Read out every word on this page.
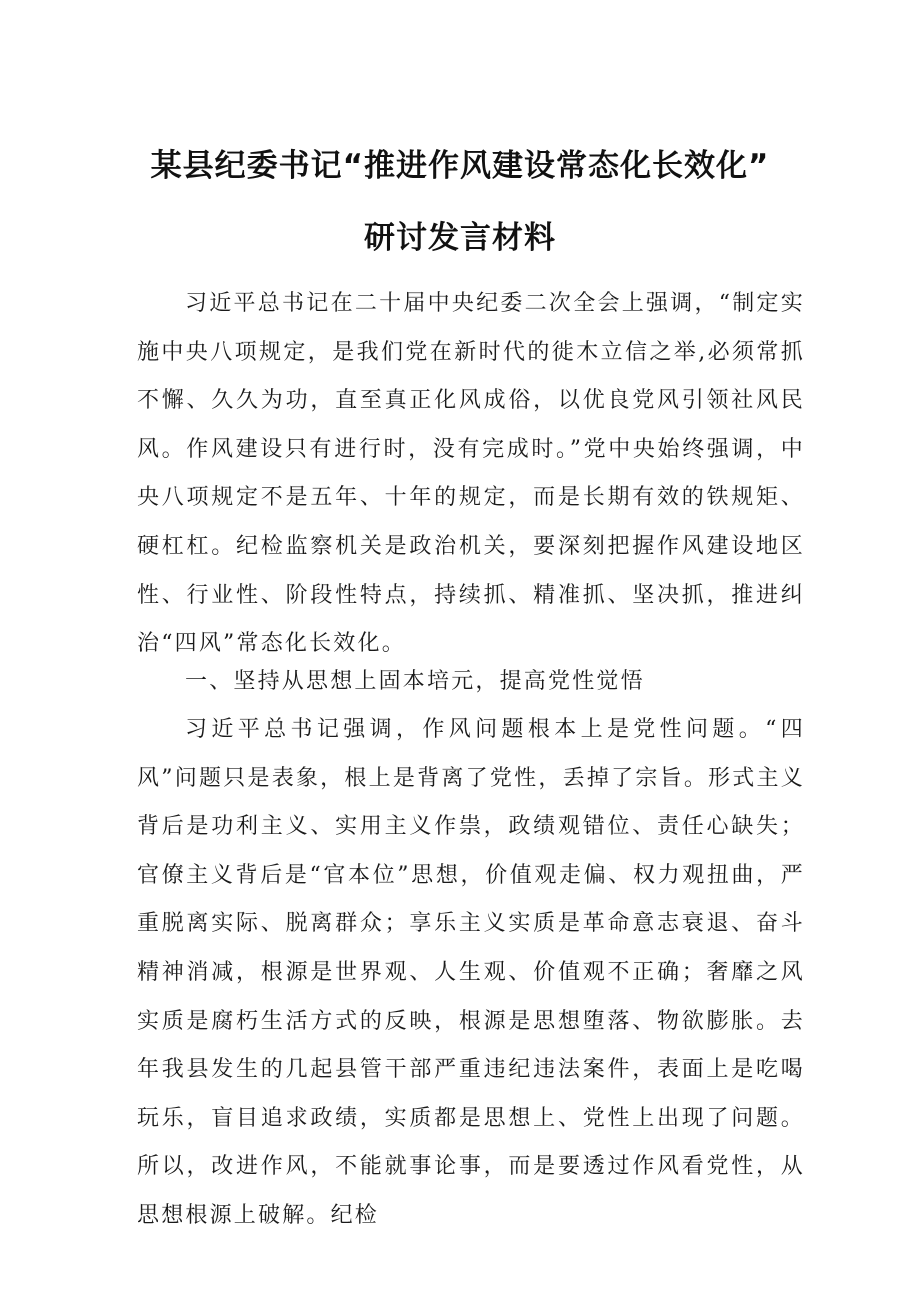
某县纪委书记“推进作风建设常态化长效化”
研讨发言材料

习近平总书记在二十届中央纪委二次全会上强调，“制定实施中央八项规定，是我们党在新时代的徙木立信之举,必须常抓不懈、久久为功，直至真正化风成俗，以优良党风引领社风民风。作风建设只有进行时，没有完成时。”党中央始终强调，中央八项规定不是五年、十年的规定，而是长期有效的铁规矩、硬杠杠。纪检监察机关是政治机关，要深刻把握作风建设地区性、行业性、阶段性特点，持续抓、精准抓、坚决抓，推进纠治“四风”常态化长效化。

一、坚持从思想上固本培元，提高党性觉悟

习近平总书记强调，作风问题根本上是党性问题。“四风”问题只是表象，根上是背离了党性，丢掉了宗旨。形式主义背后是功利主义、实用主义作祟，政绩观错位、责任心缺失；官僚主义背后是“官本位”思想，价值观走偏、权力观扭曲，严重脱离实际、脱离群众；享乐主义实质是革命意志衰退、奋斗精神消减，根源是世界观、人生观、价值观不正确；奢靡之风实质是腐朽生活方式的反映，根源是思想堕落、物欲膨胀。去年我县发生的几起县管干部严重违纪违法案件，表面上是吃喝玩乐，盲目追求政绩，实质都是思想上、党性上出现了问题。所以，改进作风，不能就事论事，而是要透过作风看党性，从思想根源上破解。纪检
